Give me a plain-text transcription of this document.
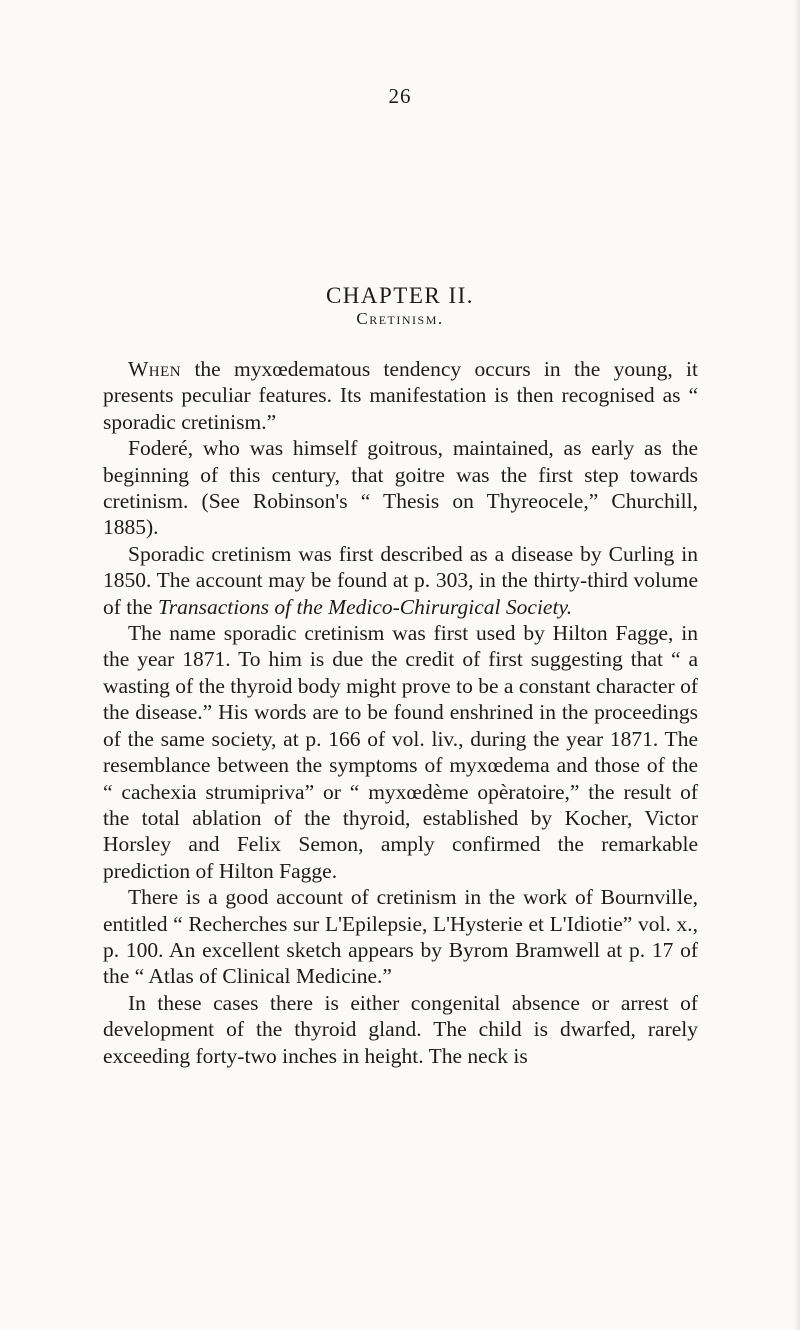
26
CHAPTER II.
Cretinism.

When the myxœdematous tendency occurs in the young, it presents peculiar features. Its manifestation is then recognised as “ sporadic cretinism.”

Foderé, who was himself goitrous, maintained, as early as the beginning of this century, that goitre was the first step towards cretinism. (See Robinson's “ Thesis on Thyreocele,” Churchill, 1885).

Sporadic cretinism was first described as a disease by Curling in 1850. The account may be found at p. 303, in the thirty-third volume of the Transactions of the Medico-Chirurgical Society.

The name sporadic cretinism was first used by Hilton Fagge, in the year 1871. To him is due the credit of first suggesting that “ a wasting of the thyroid body might prove to be a constant character of the disease.” His words are to be found enshrined in the proceedings of the same society, at p. 166 of vol. liv., during the year 1871. The resemblance between the symptoms of myxœdema and those of the “ cachexia strumipriva” or “ myxœdème opèratoire,” the result of the total ablation of the thyroid, established by Kocher, Victor Horsley and Felix Semon, amply confirmed the remarkable prediction of Hilton Fagge.

There is a good account of cretinism in the work of Bournville, entitled “ Recherches sur L'Epilepsie, L'Hysterie et L'Idiotie” vol. x., p. 100. An excellent sketch appears by Byrom Bramwell at p. 17 of the “ Atlas of Clinical Medicine.”

In these cases there is either congenital absence or arrest of development of the thyroid gland. The child is dwarfed, rarely exceeding forty-two inches in height. The neck is
